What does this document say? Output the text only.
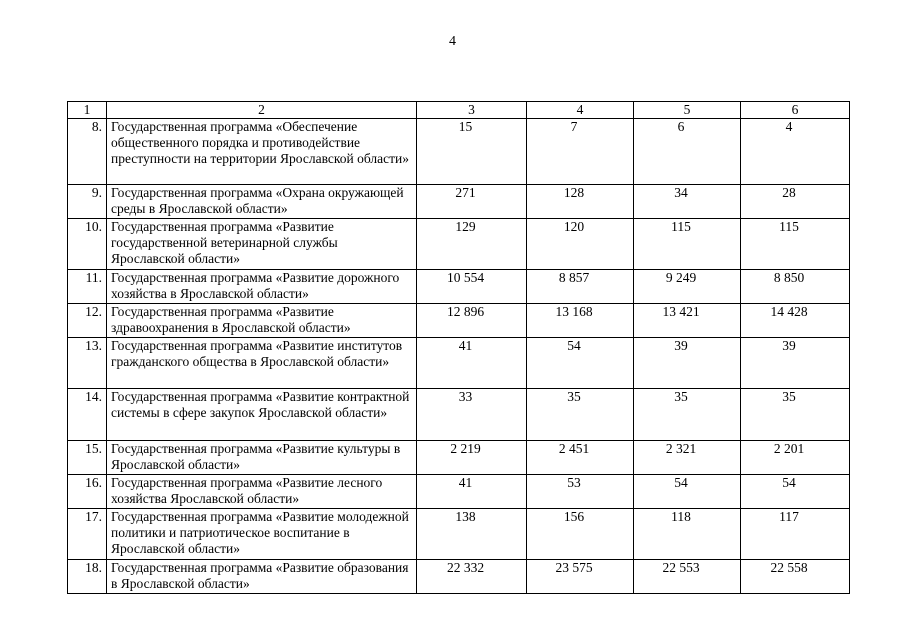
4
1	2	3	4	5	6
8.	Государственная программа «Обеспечение общественного порядка и противодействие преступности на территории Ярославской области»	15	7	6	4
9.	Государственная программа «Охрана окружающей среды в Ярославской области»	271	128	34	28
10.	Государственная программа «Развитие государственной ветеринарной службы Ярославской области»	129	120	115	115
11.	Государственная программа «Развитие дорожного хозяйства в Ярославской области»	10 554	8 857	9 249	8 850
12.	Государственная программа «Развитие здравоохранения в Ярославской области»	12 896	13 168	13 421	14 428
13.	Государственная программа «Развитие институтов гражданского общества в Ярославской области»	41	54	39	39
14.	Государственная программа «Развитие контрактной системы в сфере закупок Ярославской области»	33	35	35	35
15.	Государственная программа «Развитие культуры в Ярославской области»	2 219	2 451	2 321	2 201
16.	Государственная программа «Развитие лесного хозяйства Ярославской области»	41	53	54	54
17.	Государственная программа «Развитие молодежной политики и патриотическое воспитание в Ярославской области»	138	156	118	117
18.	Государственная программа «Развитие образования в Ярославской области»	22 332	23 575	22 553	22 558
